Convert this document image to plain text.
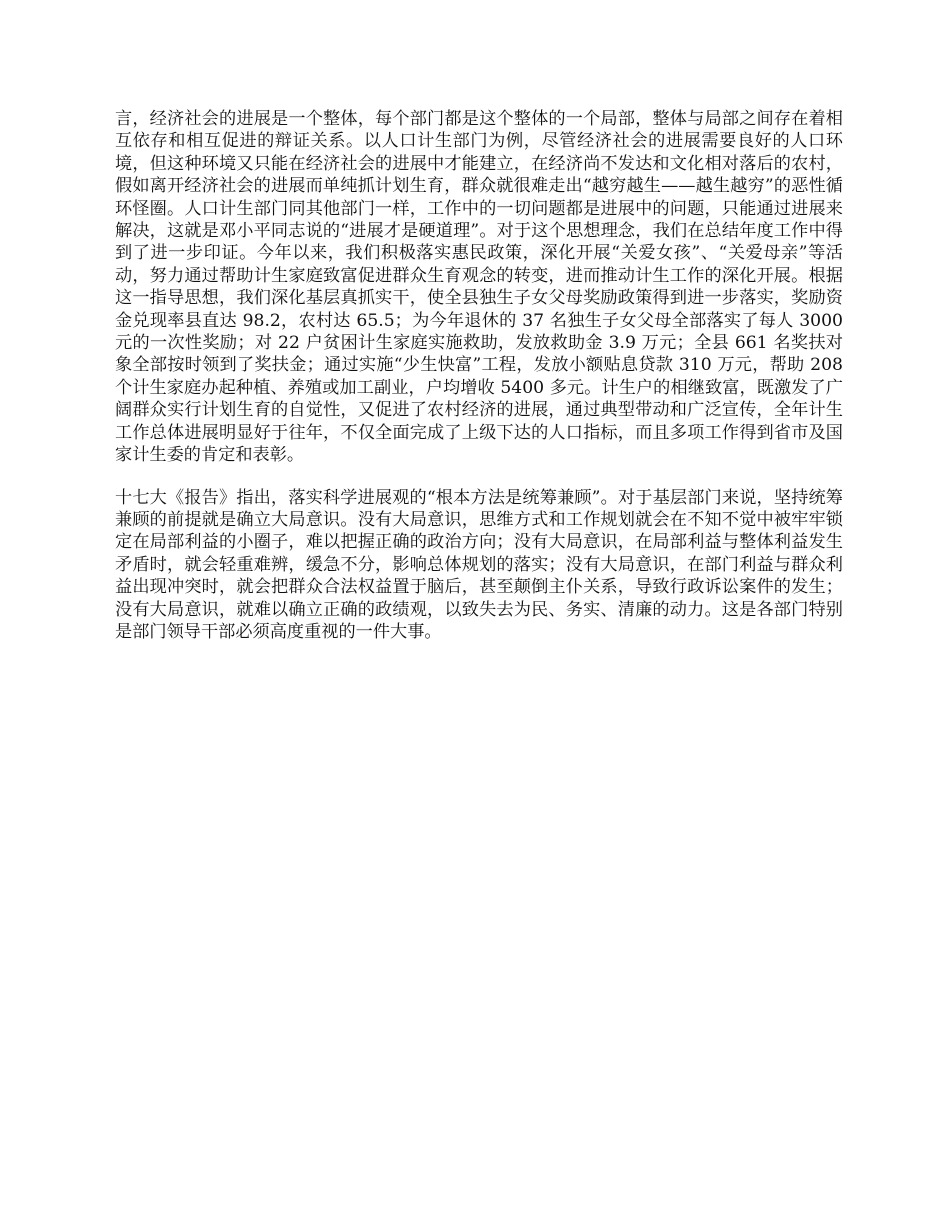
言，经济社会的进展是一个整体，每个部门都是这个整体的一个局部，整体与局部之间存在着相互依存和相互促进的辩证关系。以人口计生部门为例，尽管经济社会的进展需要良好的人口环境，但这种环境又只能在经济社会的进展中才能建立，在经济尚不发达和文化相对落后的农村，假如离开经济社会的进展而单纯抓计划生育，群众就很难走出“越穷越生——越生越穷”的恶性循环怪圈。人口计生部门同其他部门一样，工作中的一切问题都是进展中的问题，只能通过进展来解决，这就是邓小平同志说的“进展才是硬道理”。对于这个思想理念，我们在总结年度工作中得到了进一步印证。今年以来，我们积极落实惠民政策，深化开展“关爱女孩”、“关爱母亲”等活动，努力通过帮助计生家庭致富促进群众生育观念的转变，进而推动计生工作的深化开展。根据这一指导思想，我们深化基层真抓实干，使全县独生子女父母奖励政策得到进一步落实，奖励资金兑现率县直达 98.2，农村达 65.5；为今年退休的 37 名独生子女父母全部落实了每人 3000 元的一次性奖励；对 22 户贫困计生家庭实施救助，发放救助金 3.9 万元；全县 661 名奖扶对象全部按时领到了奖扶金；通过实施“少生快富”工程，发放小额贴息贷款 310 万元，帮助 208 个计生家庭办起种植、养殖或加工副业，户均增收 5400 多元。计生户的相继致富，既激发了广阔群众实行计划生育的自觉性，又促进了农村经济的进展，通过典型带动和广泛宣传，全年计生工作总体进展明显好于往年，不仅全面完成了上级下达的人口指标，而且多项工作得到省市及国家计生委的肯定和表彰。

十七大《报告》指出，落实科学进展观的“根本方法是统筹兼顾”。对于基层部门来说，坚持统筹兼顾的前提就是确立大局意识。没有大局意识，思维方式和工作规划就会在不知不觉中被牢牢锁定在局部利益的小圈子，难以把握正确的政治方向；没有大局意识，在局部利益与整体利益发生矛盾时，就会轻重难辨，缓急不分，影响总体规划的落实；没有大局意识，在部门利益与群众利益出现冲突时，就会把群众合法权益置于脑后，甚至颠倒主仆关系，导致行政诉讼案件的发生；没有大局意识，就难以确立正确的政绩观，以致失去为民、务实、清廉的动力。这是各部门特别是部门领导干部必须高度重视的一件大事。
